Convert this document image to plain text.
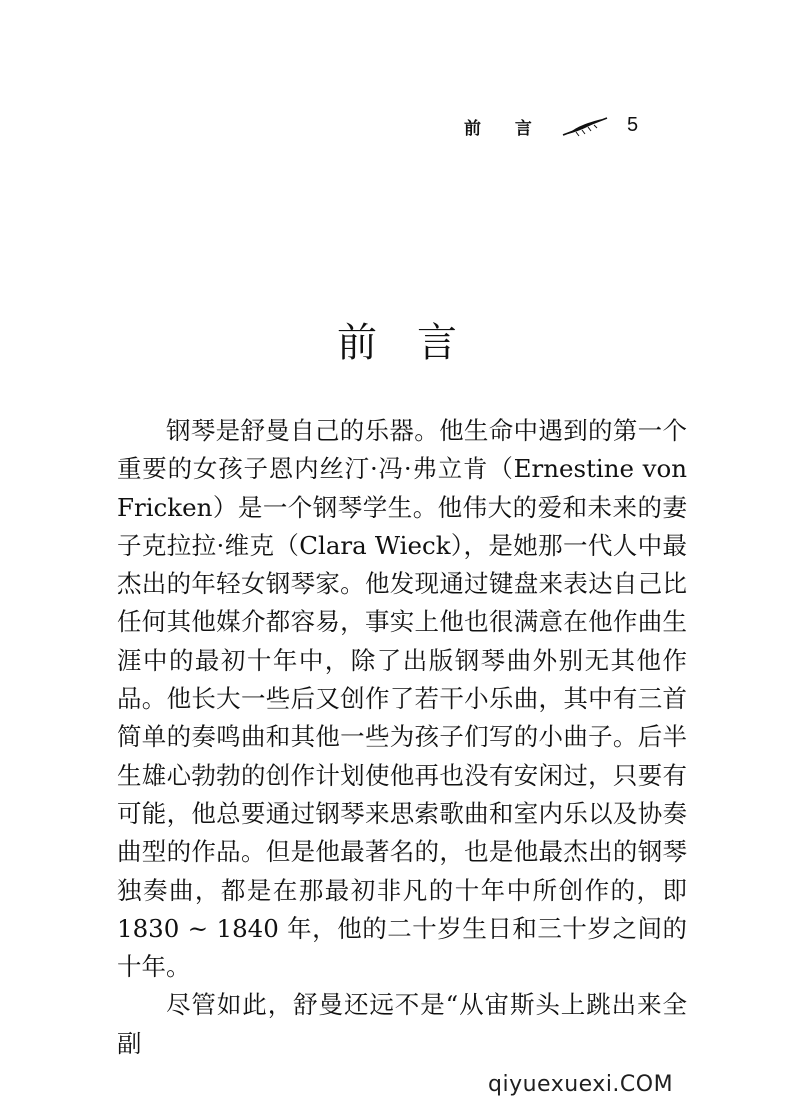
前 言	5
前言

钢琴是舒曼自己的乐器。他生命中遇到的第一个重要的女孩子恩内丝汀·冯·弗立肯（Ernestine von Fricken）是一个钢琴学生。他伟大的爱和未来的妻子克拉拉·维克（Clara Wieck），是她那一代人中最杰出的年轻女钢琴家。他发现通过键盘来表达自己比任何其他媒介都容易，事实上他也很满意在他作曲生涯中的最初十年中，除了出版钢琴曲外别无其他作品。他长大一些后又创作了若干小乐曲，其中有三首简单的奏鸣曲和其他一些为孩子们写的小曲子。后半生雄心勃勃的创作计划使他再也没有安闲过，只要有可能，他总要通过钢琴来思索歌曲和室内乐以及协奏曲型的作品。但是他最著名的，也是他最杰出的钢琴独奏曲，都是在那最初非凡的十年中所创作的，即 1830 ~ 1840 年，他的二十岁生日和三十岁之间的十年。

尽管如此，舒曼还远不是“从宙斯头上跳出来全副

qiyuexuexi.COM
